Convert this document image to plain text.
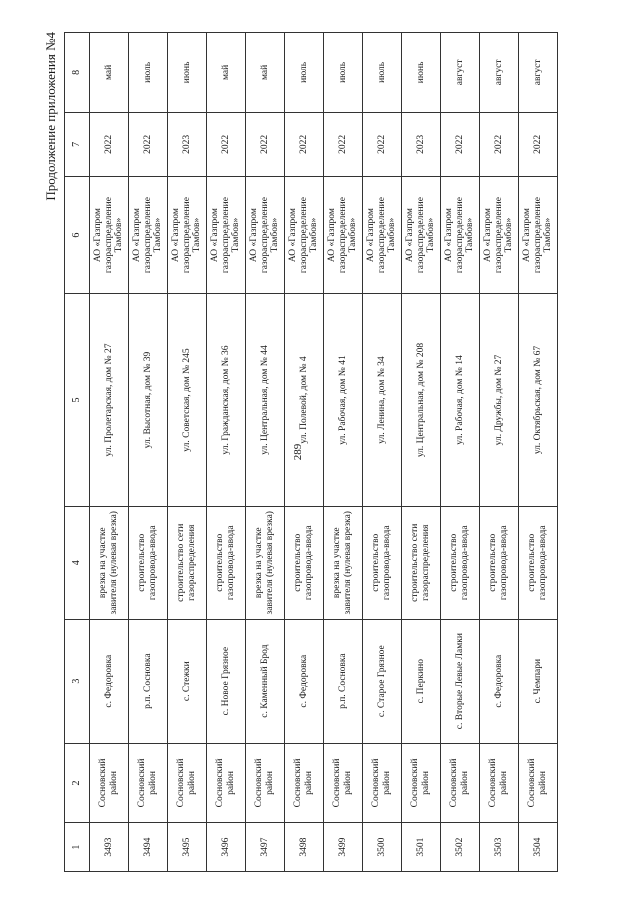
289
Продолжение приложения №4
1	2	3	4	5	6	7	8
3493	Сосновский район	с. Федоровка	врезка на участке завителя (нулевая врезка)	ул. Пролетарская, дом № 27	АО «Газпром газораспределение Тамбов»	2022	май
3494	Сосновский район	р.п. Сосновка	строительство газопровода-ввода	ул. Высотная, дом № 39	АО «Газпром газораспределение Тамбов»	2022	июль
3495	Сосновский район	с. Стежки	строительство сети газораспределения	ул. Советская, дом № 245	АО «Газпром газораспределение Тамбов»	2023	июнь
3496	Сосновский район	с. Новое Грязное	строительство газопровода-ввода	ул. Гражданская, дом № 36	АО «Газпром газораспределение Тамбов»	2022	май
3497	Сосновский район	с. Каменный Брод	врезка на участке завителя (нулевая врезка)	ул. Центральная, дом № 44	АО «Газпром газораспределение Тамбов»	2022	май
3498	Сосновский район	с. Федоровка	строительство газопровода-ввода	ул. Полевой, дом № 4	АО «Газпром газораспределение Тамбов»	2022	июль
3499	Сосновский район	р.п. Сосновка	врезка на участке завителя (нулевая врезка)	ул. Рабочая, дом № 41	АО «Газпром газораспределение Тамбов»	2022	июль
3500	Сосновский район	с. Старое Грязное	строительство газопровода-ввода	ул. Ленина, дом № 34	АО «Газпром газораспределение Тамбов»	2022	июль
3501	Сосновский район	с. Перкино	строительство сети газораспределения	ул. Центральная, дом № 208	АО «Газпром газораспределение Тамбов»	2023	июнь
3502	Сосновский район	с. Вторые Левые Ламки	строительство газопровода-ввода	ул. Рабочая, дом № 14	АО «Газпром газораспределение Тамбов»	2022	август
3503	Сосновский район	с. Федоровка	строительство газопровода-ввода	ул. Дружбы, дом № 27	АО «Газпром газораспределение Тамбов»	2022	август
3504	Сосновский район	с. Чемпари	строительство газопровода-ввода	ул. Октябрьская, дом № 67	АО «Газпром газораспределение Тамбов»	2022	август
